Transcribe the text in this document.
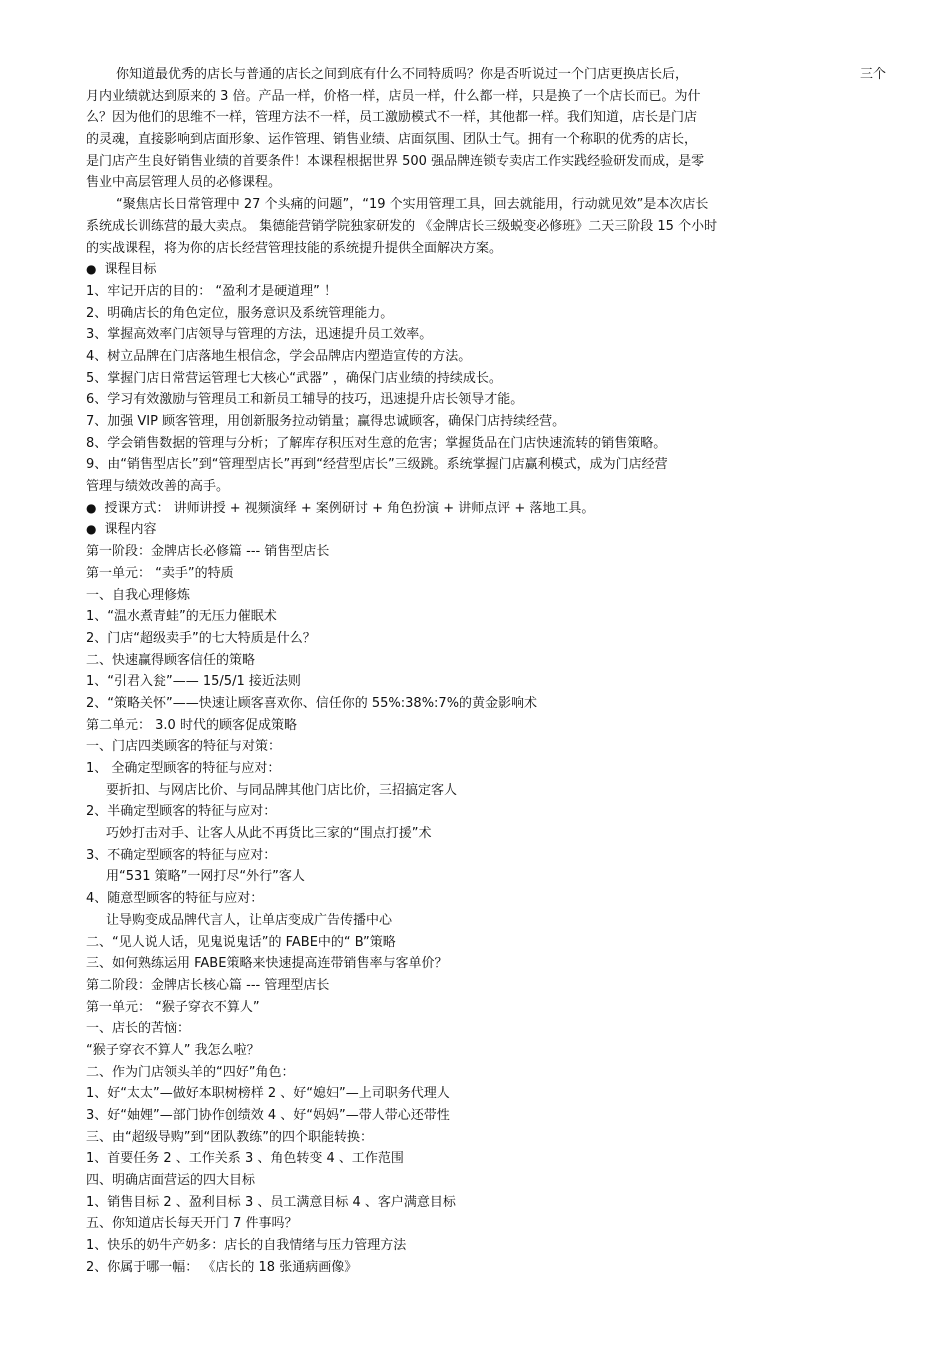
你知道最优秀的店长与普通的店长之间到底有什么不同特质吗？你是否听说过一个门店更换店长后，	三个
月内业绩就达到原来的 3 倍。产品一样，价格一样，店员一样，什么都一样，只是换了一个店长而已。为什
么？因为他们的思维不一样，管理方法不一样，员工激励模式不一样，其他都一样。我们知道，店长是门店
的灵魂，直接影响到店面形象、运作管理、销售业绩、店面氛围、团队士气。拥有一个称职的优秀的店长，
是门店产生良好销售业绩的首要条件！本课程根据世界 500 强品牌连锁专卖店工作实践经验研发而成，是零
售业中高层管理人员的必修课程。
“聚焦店长日常管理中 27 个头痛的问题”，“19 个实用管理工具，回去就能用，行动就见效”是本次店长
系统成长训练营的最大卖点。 集德能营销学院独家研发的 《金牌店长三级蜕变必修班》二天三阶段 15 个小时
的实战课程，将为你的店长经营管理技能的系统提升提供全面解决方案。
● 课程目标
1、牢记开店的目的： “盈利才是硬道理” ！
2、明确店长的角色定位，服务意识及系统管理能力。
3、掌握高效率门店领导与管理的方法，迅速提升员工效率。
4、树立品牌在门店落地生根信念，学会品牌店内塑造宣传的方法。
5、掌握门店日常营运管理七大核心“武器” ，确保门店业绩的持续成长。
6、学习有效激励与管理员工和新员工辅导的技巧，迅速提升店长领导才能。
7、加强 VIP 顾客管理，用创新服务拉动销量；赢得忠诚顾客，确保门店持续经营。
8、学会销售数据的管理与分析；了解库存积压对生意的危害；掌握货品在门店快速流转的销售策略。
9、由“销售型店长”到“管理型店长”再到“经营型店长”三级跳。系统掌握门店赢利模式，成为门店经营
管理与绩效改善的高手。
● 授课方式： 讲师讲授 + 视频演绎 + 案例研讨 + 角色扮演 + 讲师点评 + 落地工具。
● 课程内容
第一阶段：金牌店长必修篇 --- 销售型店长
第一单元： “卖手”的特质
一、自我心理修炼
1、“温水煮青蛙”的无压力催眠术
2、门店“超级卖手”的七大特质是什么？
二、快速赢得顾客信任的策略
1、“引君入瓮”—— 15/5/1 接近法则
2、“策略关怀”——快速让顾客喜欢你、信任你的 55%:38%:7%的黄金影响术
第二单元： 3.0 时代的顾客促成策略
一、门店四类顾客的特征与对策：
1、 全确定型顾客的特征与应对：
要折扣、与网店比价、与同品牌其他门店比价，三招搞定客人
2、半确定型顾客的特征与应对：
巧妙打击对手、让客人从此不再货比三家的“围点打援”术
3、不确定型顾客的特征与应对：
用“531 策略”一网打尽“外行”客人
4、随意型顾客的特征与应对：
让导购变成品牌代言人，让单店变成广告传播中心
二、“见人说人话，见鬼说鬼话”的 FABE中的“ B”策略
三、如何熟练运用 FABE策略来快速提高连带销售率与客单价？
第二阶段：金牌店长核心篇 --- 管理型店长
第一单元： “猴子穿衣不算人”
一、店长的苦恼：
“猴子穿衣不算人” 我怎么啦？
二、作为门店领头羊的“四好”角色：
1、好“太太”—做好本职树榜样 2 、好“媳妇”—上司职务代理人
3、好“妯娌”—部门协作创绩效 4 、好“妈妈”—带人带心还带性
三、由“超级导购”到“团队教练”的四个职能转换：
1、首要任务 2 、工作关系 3 、角色转变 4 、工作范围
四、明确店面营运的四大目标
1、销售目标 2 、盈利目标 3 、员工满意目标 4 、客户满意目标
五、你知道店长每天开门 7 件事吗？
1、快乐的奶牛产奶多：店长的自我情绪与压力管理方法
2、你属于哪一幅： 《店长的 18 张通病画像》
